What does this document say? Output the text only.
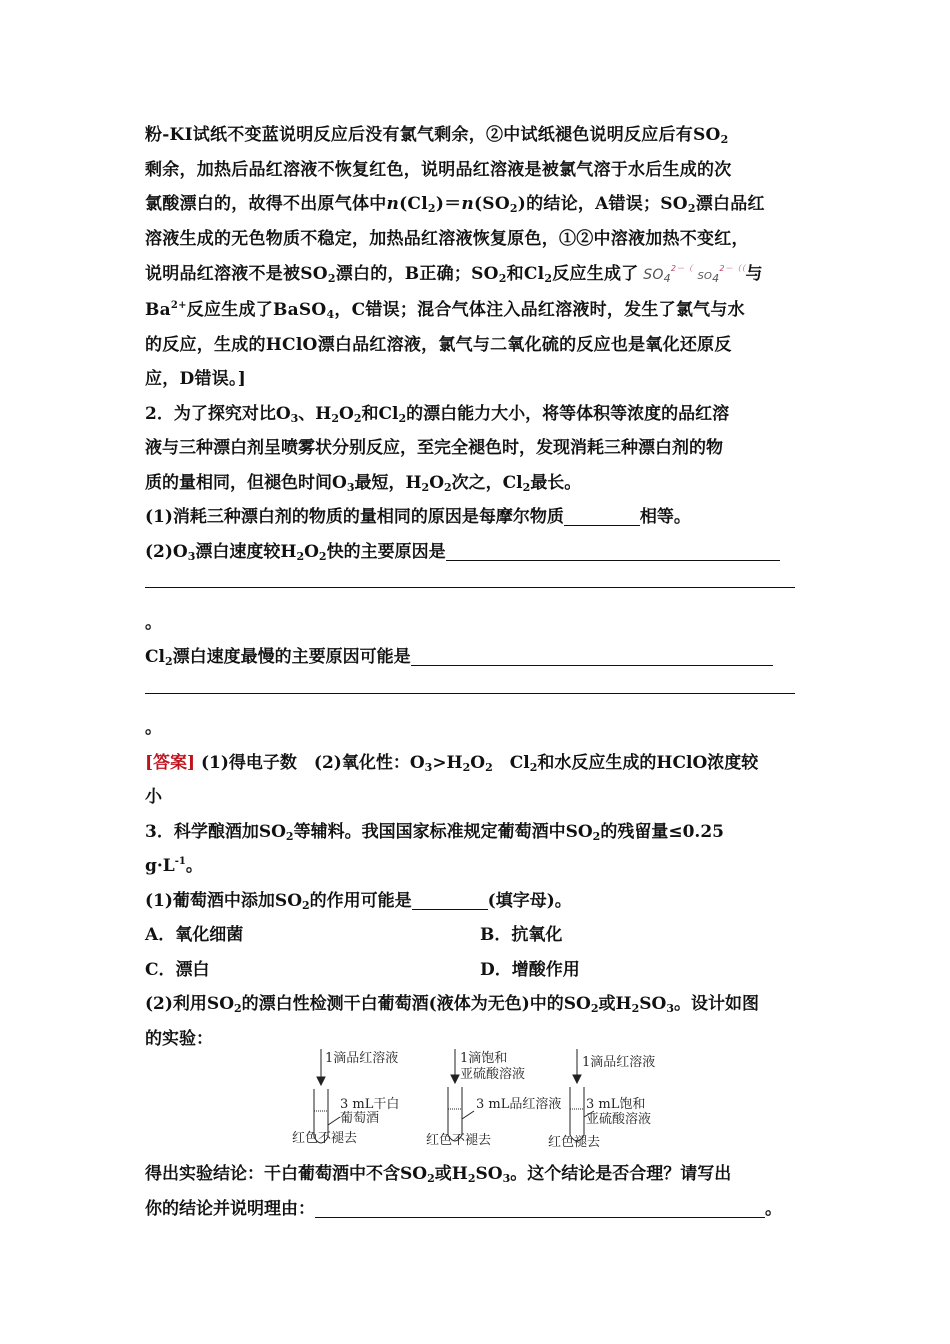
粉-KI试纸不变蓝说明反应后没有氯气剩余，②中试纸褪色说明反应后有$SO_2$
剩余，加热后品红溶液不恢复红色，说明品红溶液是被氯气溶于水后生成的次
氯酸漂白的，故得不出原气体中$n(Cl_2)=n(SO_2)$的结论，A错误；$SO_2$漂白品红
溶液生成的无色物质不稳定，加热品红溶液恢复原色，①②中溶液加热不变红，
说明品红溶液不是被$SO_2$漂白的，B正确；$SO_2$和$Cl_2$反应生成了 $SO_4^{2-(}$ $SO_4^{2-((}$与
$Ba^{2+}$反应生成了BaSO$_4$，C错误；混合气体注入品红溶液时，发生了氯气与水
的反应，生成的HClO漂白品红溶液，氯气与二氧化硫的反应也是氧化还原反
应，D错误。]
2．为了探究对比$O_3$、$H_2O_2$和$Cl_2$的漂白能力大小，将等体积等浓度的品红溶
液与三种漂白剂呈喷雾状分别反应，至完全褪色时，发现消耗三种漂白剂的物
质的量相同，但褪色时间$O_3$最短，$H_2O_2$次之，$Cl_2$最长。
(1)消耗三种漂白剂的物质的量相同的原因是每摩尔物质	相等。
$(2)O_3$漂白速度较$H_2O_2$快的主要原因是
。
$Cl_2$漂白速度最慢的主要原因可能是
。
[答案] (1)得电子数　(2)氧化性：$O_3>H_2O_2$　$Cl_2$和水反应生成的HClO浓度较
小
3．科学酿酒加$SO_2$等辅料。我国国家标准规定葡萄酒中$SO_2$的残留量≤0.25
$g\cdot L^{-1}$。
(1)葡萄酒中添加$SO_2$的作用可能是	(填字母)。
A．氧化细菌	B．抗氧化
C．漂白	D．增酸作用
(2)利用$SO_2$的漂白性检测干白葡萄酒(液体为无色)中的$SO_2$或$H_2SO_3$。设计如图
的实验：
1滴品红溶液
3 mL干白
葡萄酒
红色不褪去
1滴饱和
亚硫酸溶液
3 mL品红溶液
红色不褪去
1滴品红溶液
3 mL饱和
亚硫酸溶液
红色褪去
得出实验结论：干白葡萄酒中不含$SO_2$或$H_2SO_3$。这个结论是否合理？请写出
你的结论并说明理由：	。
